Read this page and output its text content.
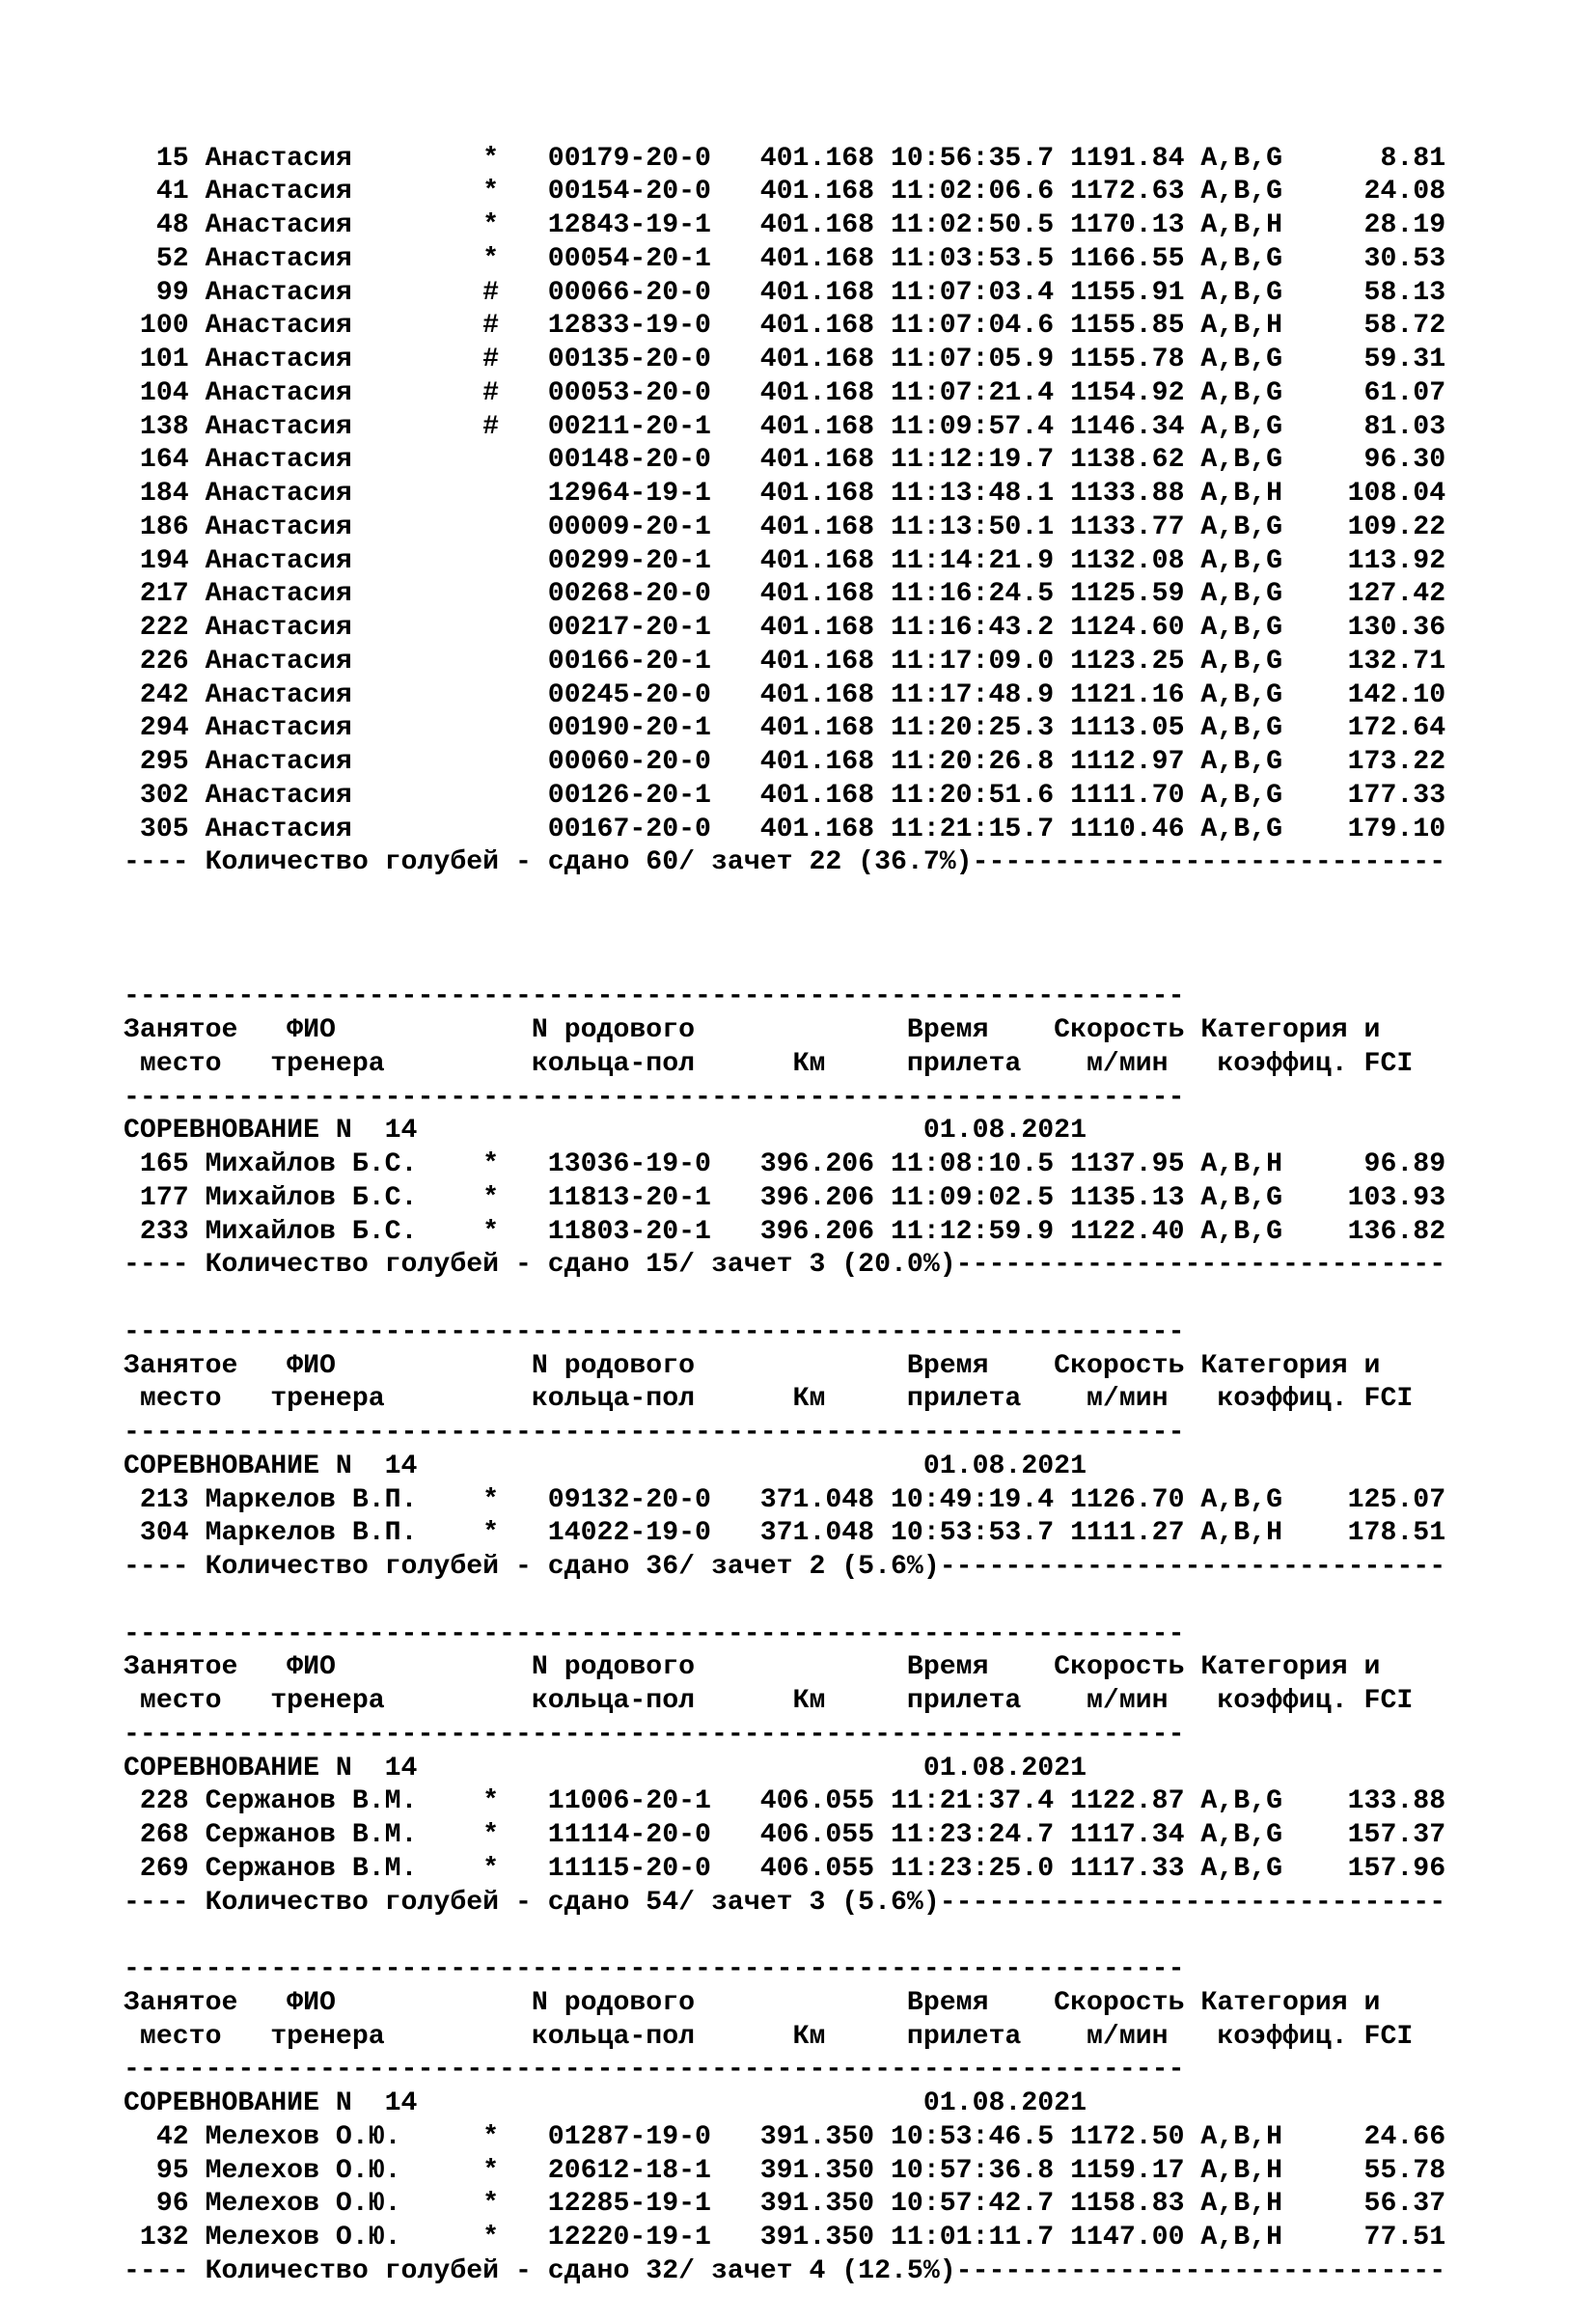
15 Анастасия        *   00179-20-0   401.168 10:56:35.7 1191.84 A,B,G      8.81
41 Анастасия        *   00154-20-0   401.168 11:02:06.6 1172.63 A,B,G     24.08
48 Анастасия        *   12843-19-1   401.168 11:02:50.5 1170.13 A,B,H     28.19
52 Анастасия        *   00054-20-1   401.168 11:03:53.5 1166.55 A,B,G     30.53
99 Анастасия        #   00066-20-0   401.168 11:07:03.4 1155.91 A,B,G     58.13
100 Анастасия        #   12833-19-0   401.168 11:07:04.6 1155.85 A,B,H     58.72
101 Анастасия        #   00135-20-0   401.168 11:07:05.9 1155.78 A,B,G     59.31
104 Анастасия        #   00053-20-0   401.168 11:07:21.4 1154.92 A,B,G     61.07
138 Анастасия        #   00211-20-1   401.168 11:09:57.4 1146.34 A,B,G     81.03
164 Анастасия            00148-20-0   401.168 11:12:19.7 1138.62 A,B,G     96.30
184 Анастасия            12964-19-1   401.168 11:13:48.1 1133.88 A,B,H    108.04
186 Анастасия            00009-20-1   401.168 11:13:50.1 1133.77 A,B,G    109.22
194 Анастасия            00299-20-1   401.168 11:14:21.9 1132.08 A,B,G    113.92
217 Анастасия            00268-20-0   401.168 11:16:24.5 1125.59 A,B,G    127.42
222 Анастасия            00217-20-1   401.168 11:16:43.2 1124.60 A,B,G    130.36
226 Анастасия            00166-20-1   401.168 11:17:09.0 1123.25 A,B,G    132.71
242 Анастасия            00245-20-0   401.168 11:17:48.9 1121.16 A,B,G    142.10
294 Анастасия            00190-20-1   401.168 11:20:25.3 1113.05 A,B,G    172.64
295 Анастасия            00060-20-0   401.168 11:20:26.8 1112.97 A,B,G    173.22
302 Анастасия            00126-20-1   401.168 11:20:51.6 1111.70 A,B,G    177.33
305 Анастасия            00167-20-0   401.168 11:21:15.7 1110.46 A,B,G    179.10
---- Количество голубей - сдано 60/ зачет 22 (36.7%)-----------------------------

-----------------------------------------------------------------
Занятое   ФИО            N родового             Время    Скорость Категория и
место   тренера         кольца-пол      Км     прилета    м/мин   коэффиц. FCI
-----------------------------------------------------------------
СОРЕВНОВАНИЕ N  14                               01.08.2021
165 Михайлов Б.С.    *   13036-19-0   396.206 11:08:10.5 1137.95 A,B,H     96.89
177 Михайлов Б.С.    *   11813-20-1   396.206 11:09:02.5 1135.13 A,B,G    103.93
233 Михайлов Б.С.    *   11803-20-1   396.206 11:12:59.9 1122.40 A,B,G    136.82
---- Количество голубей - сдано 15/ зачет 3 (20.0%)------------------------------
-----------------------------------------------------------------
Занятое   ФИО            N родового             Время    Скорость Категория и
место   тренера         кольца-пол      Км     прилета    м/мин   коэффиц. FCI
-----------------------------------------------------------------
СОРЕВНОВАНИЕ N  14                               01.08.2021
213 Маркелов В.П.    *   09132-20-0   371.048 10:49:19.4 1126.70 A,B,G    125.07
304 Маркелов В.П.    *   14022-19-0   371.048 10:53:53.7 1111.27 A,B,H    178.51
---- Количество голубей - сдано 36/ зачет 2 (5.6%)-------------------------------
-----------------------------------------------------------------
Занятое   ФИО            N родового             Время    Скорость Категория и
место   тренера         кольца-пол      Км     прилета    м/мин   коэффиц. FCI
-----------------------------------------------------------------
СОРЕВНОВАНИЕ N  14                               01.08.2021
228 Сержанов В.М.    *   11006-20-1   406.055 11:21:37.4 1122.87 A,B,G    133.88
268 Сержанов В.М.    *   11114-20-0   406.055 11:23:24.7 1117.34 A,B,G    157.37
269 Сержанов В.М.    *   11115-20-0   406.055 11:23:25.0 1117.33 A,B,G    157.96
---- Количество голубей - сдано 54/ зачет 3 (5.6%)-------------------------------
-----------------------------------------------------------------
Занятое   ФИО            N родового             Время    Скорость Категория и
место   тренера         кольца-пол      Км     прилета    м/мин   коэффиц. FCI
-----------------------------------------------------------------
СОРЕВНОВАНИЕ N  14                               01.08.2021
42 Мелехов О.Ю.     *   01287-19-0   391.350 10:53:46.5 1172.50 A,B,H     24.66
95 Мелехов О.Ю.     *   20612-18-1   391.350 10:57:36.8 1159.17 A,B,H     55.78
96 Мелехов О.Ю.     *   12285-19-1   391.350 10:57:42.7 1158.83 A,B,H     56.37
132 Мелехов О.Ю.     *   12220-19-1   391.350 11:01:11.7 1147.00 A,B,H     77.51
---- Количество голубей - сдано 32/ зачет 4 (12.5%)------------------------------
